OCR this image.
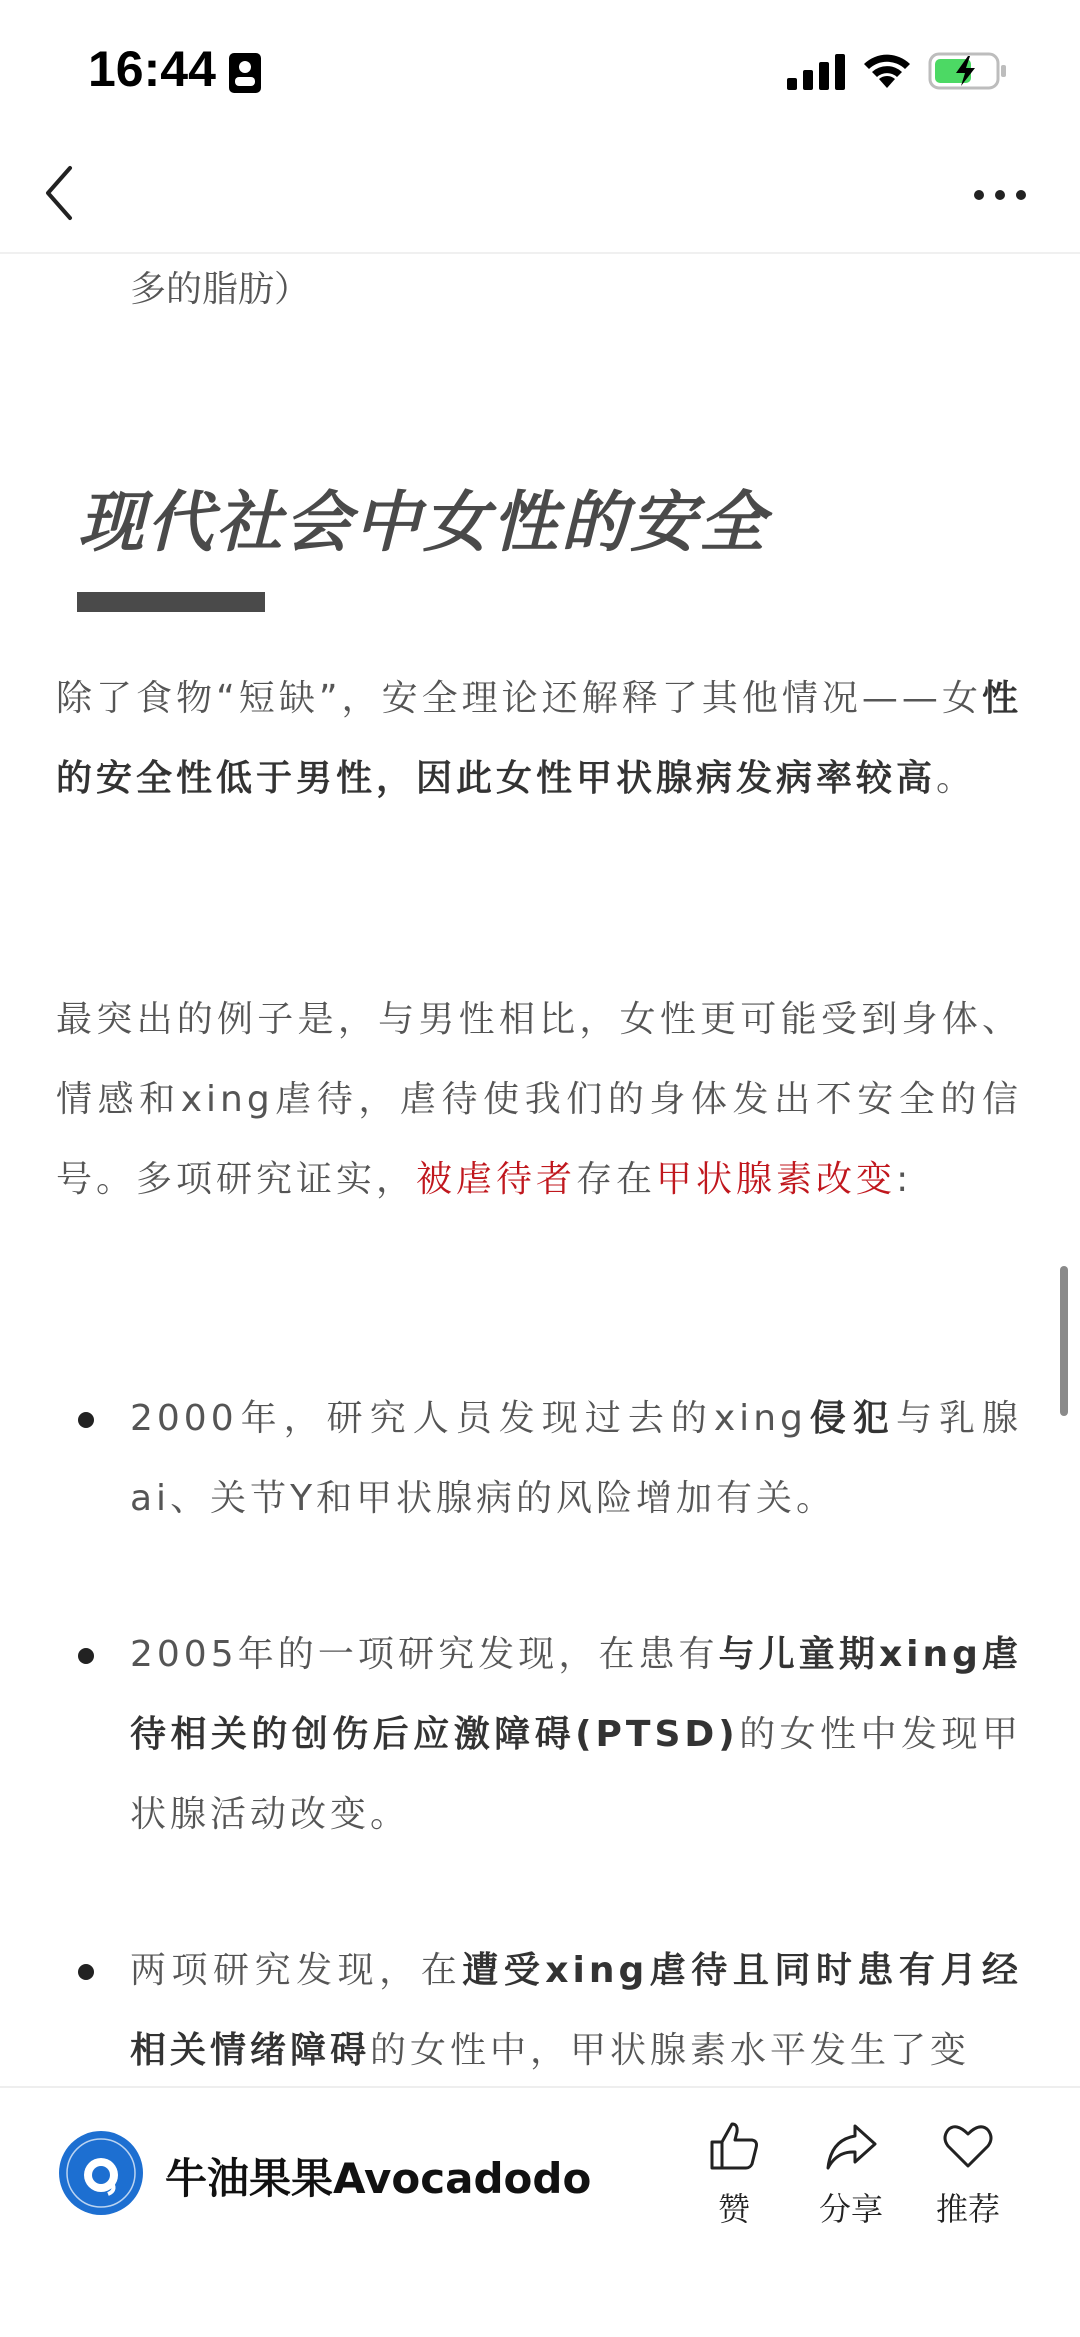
16:44
多的脂肪）
现代社会中女性的安全
除了食物“短缺”，安全理论还解释了其他情况——女性的安全性低于男性，因此女性甲状腺病发病率较高。
最突出的例子是，与男性相比，女性更可能受到身体、情感和xing虐待，虐待使我们的身体发出不安全的信号。多项研究证实，被虐待者存在甲状腺素改变:
2000年，研究人员发现过去的xing侵犯与乳腺ai、关节Y和甲状腺病的风险增加有关。
2005年的一项研究发现，在患有与儿童期xing虐待相关的创伤后应激障碍(PTSD)的女性中发现甲状腺活动改变。
两项研究发现，在遭受xing虐待且同时患有月经相关情绪障碍的女性中，甲状腺素水平发生了变
牛油果果Avocadodo
赞	分享	推荐
